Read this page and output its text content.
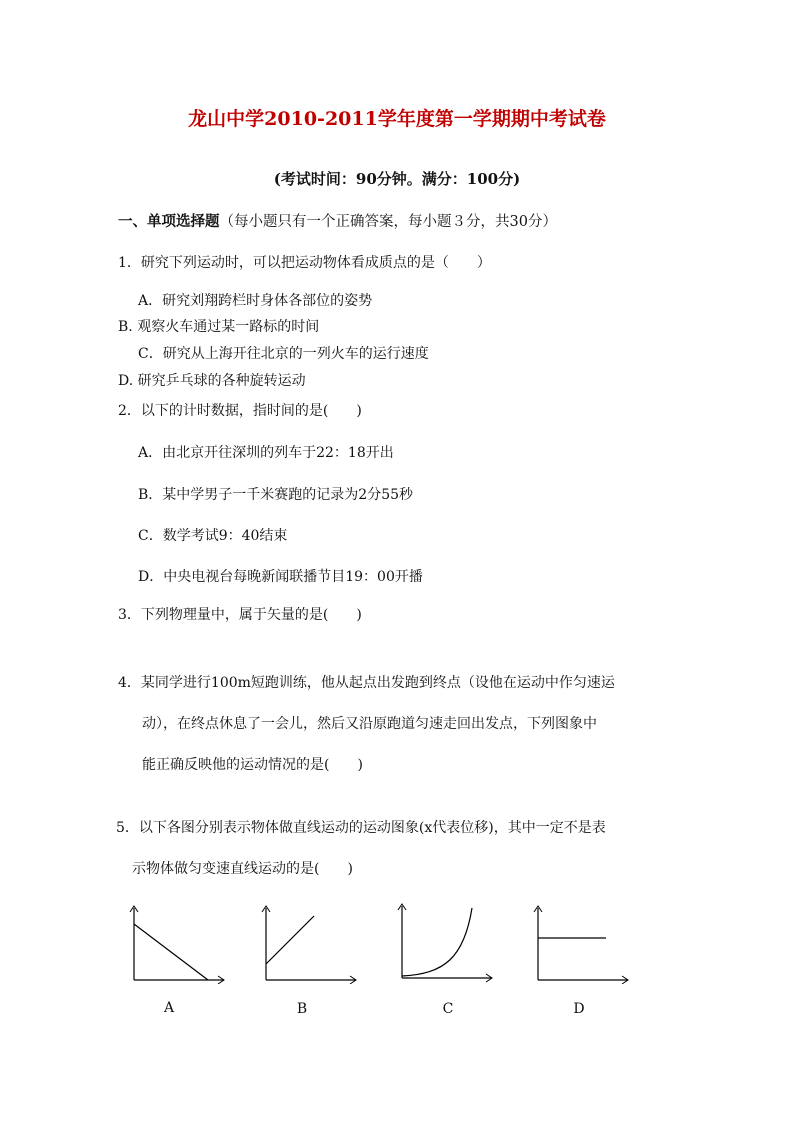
龙山中学2010-2011学年度第一学期期中考试卷
(考试时间：90分钟。满分：100分)
一、单项选择题（每小题只有一个正确答案，每小题３分，共30分）
1．研究下列运动时，可以把运动物体看成质点的是（　　）
A．研究刘翔跨栏时身体各部位的姿势
B. 观察火车通过某一路标的时间
C．研究从上海开往北京的一列火车的运行速度
D. 研究乒乓球的各种旋转运动
2．以下的计时数据，指时间的是(　　)
A．由北京开往深圳的列车于22：18开出
B．某中学男子一千米赛跑的记录为2分55秒
C．数学考试9：40结束
D．中央电视台每晚新闻联播节目19：00开播
3．下列物理量中，属于矢量的是(　　)
4．某同学进行100m短跑训练，他从起点出发跑到终点（设他在运动中作匀速运
动），在终点休息了一会儿，然后又沿原跑道匀速走回出发点，下列图象中
能正确反映他的运动情况的是(　　)
5．以下各图分别表示物体做直线运动的运动图象(x代表位移)，其中一定不是表
示物体做匀变速直线运动的是(　　)
A	B	C	D
